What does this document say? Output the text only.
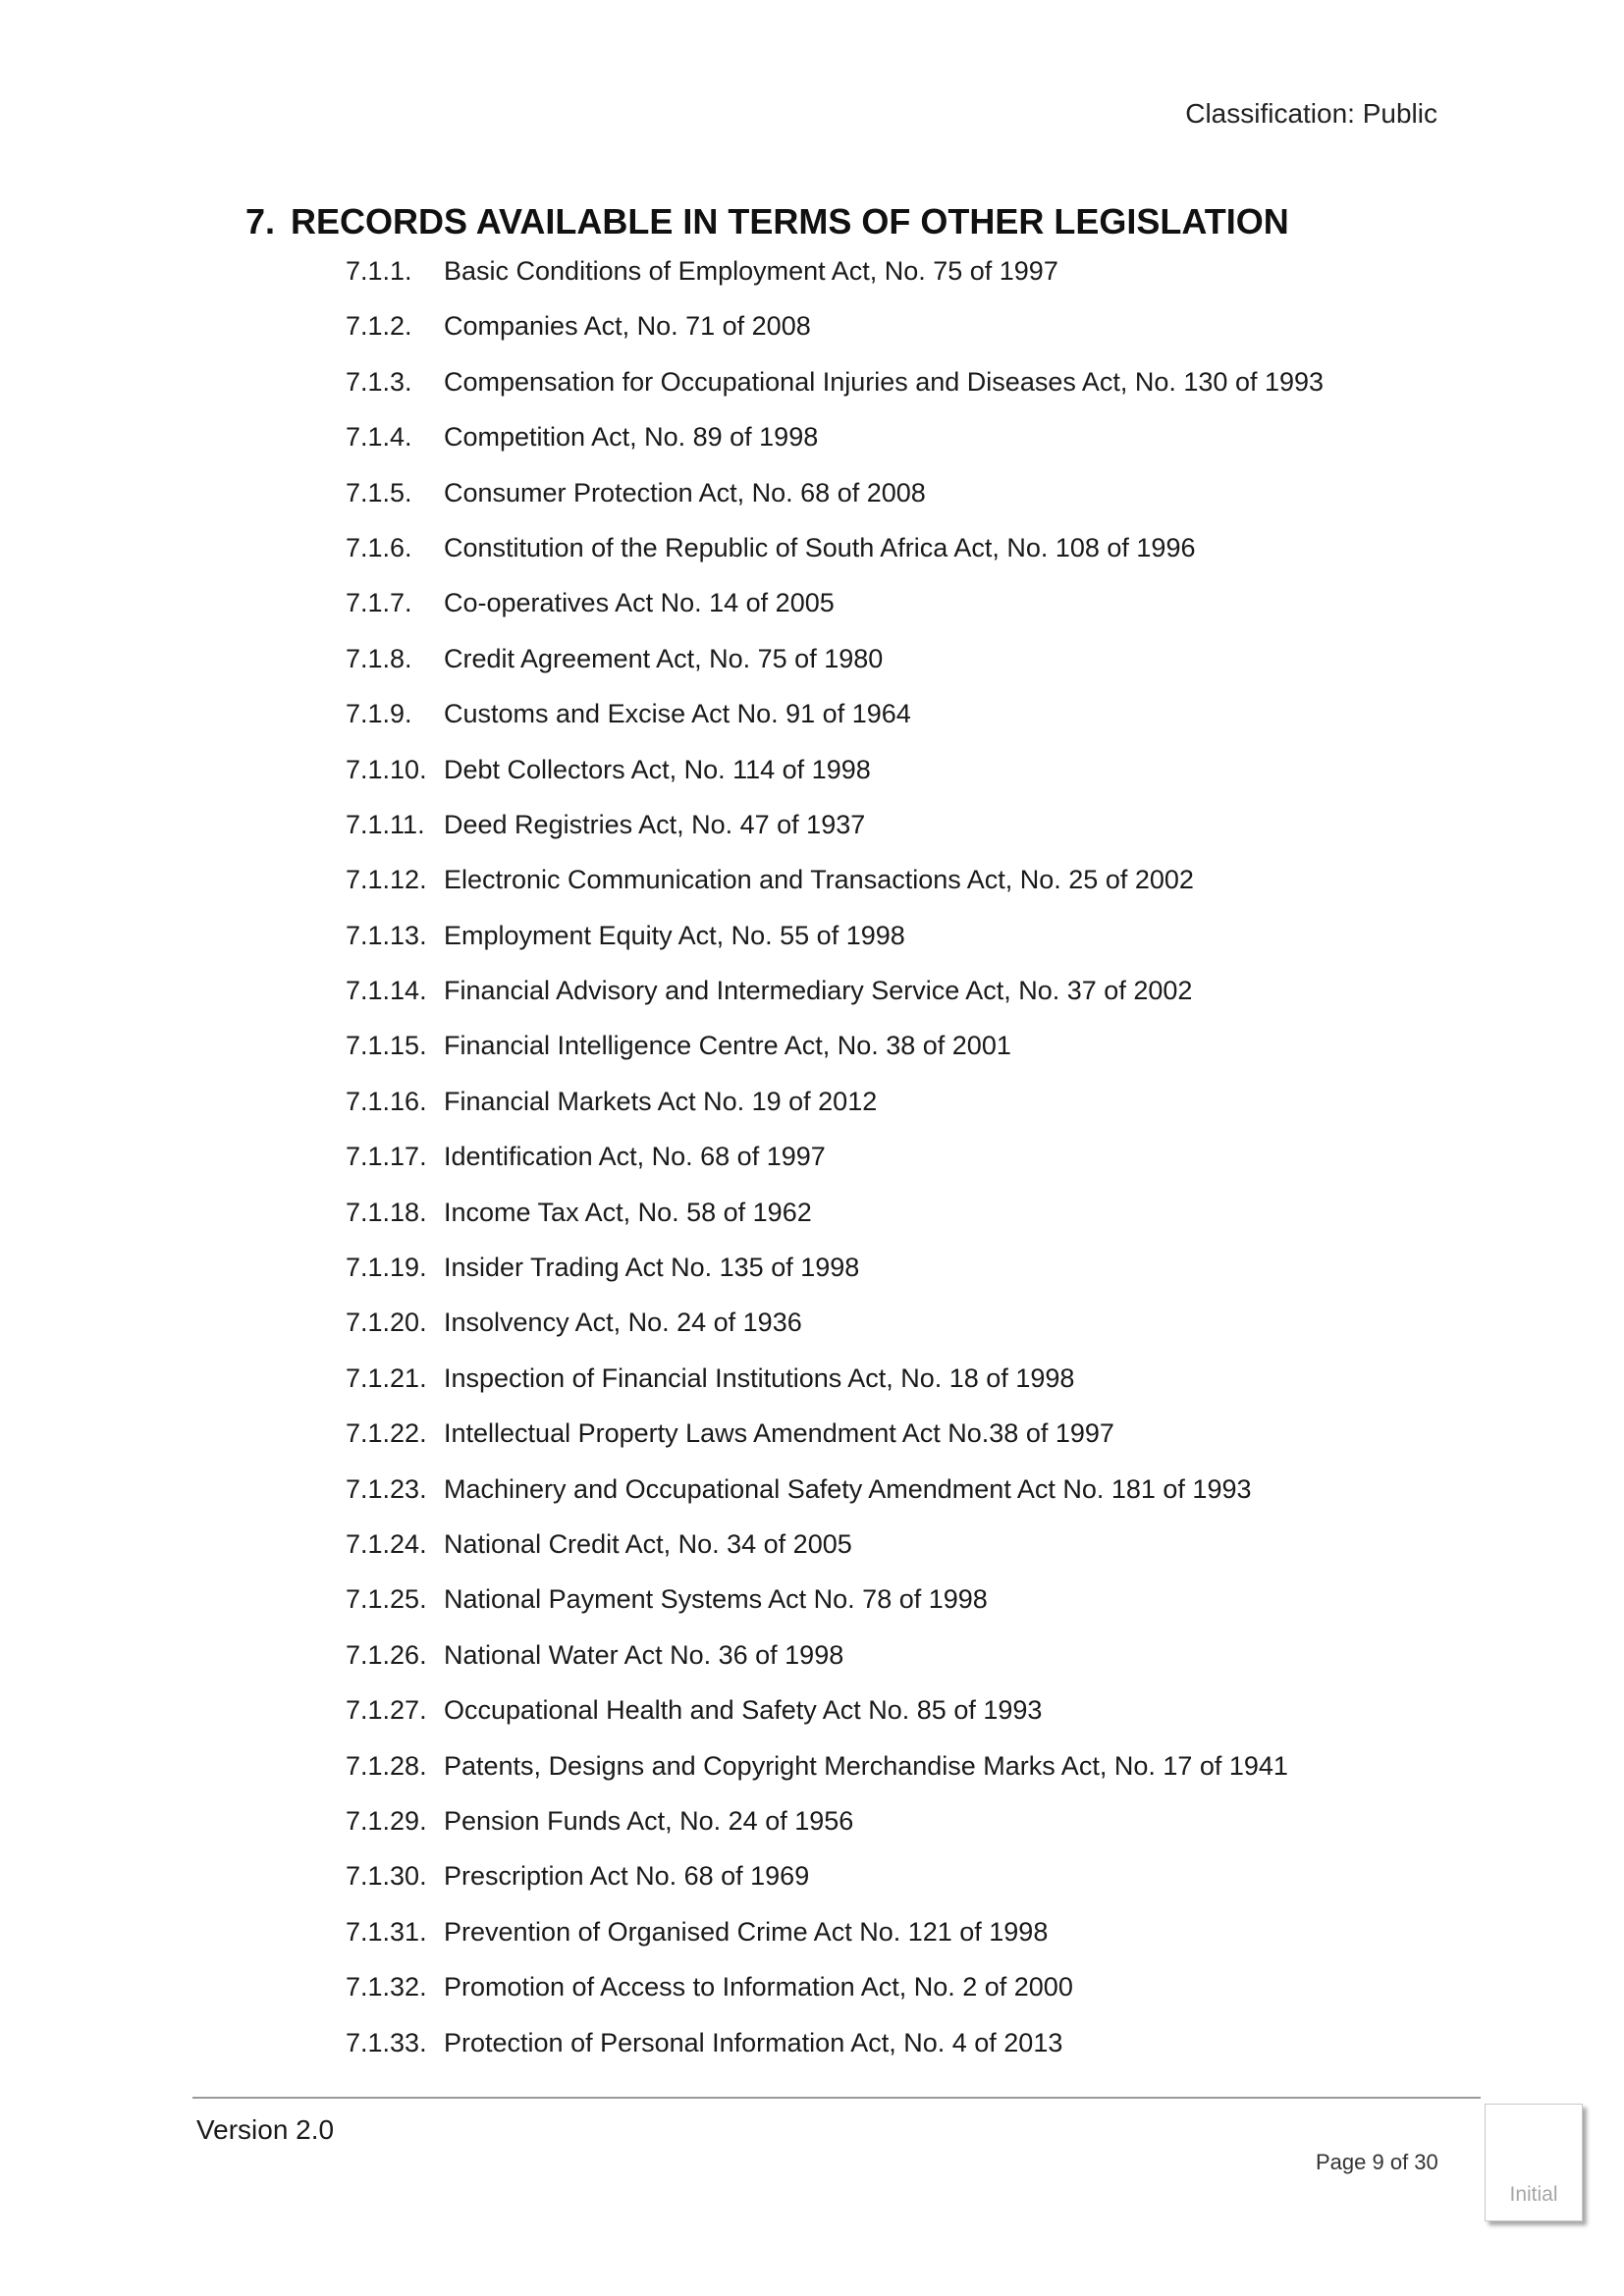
Classification: Public
7. RECORDS AVAILABLE IN TERMS OF OTHER LEGISLATION
7.1.1.	Basic Conditions of Employment Act, No. 75 of 1997
7.1.2.	Companies Act, No. 71 of 2008
7.1.3.	Compensation for Occupational Injuries and Diseases Act, No. 130 of 1993
7.1.4.	Competition Act, No. 89 of 1998
7.1.5.	Consumer Protection Act, No. 68 of 2008
7.1.6.	Constitution of the Republic of South Africa Act, No. 108 of 1996
7.1.7.	Co-operatives Act No. 14 of 2005
7.1.8.	Credit Agreement Act, No. 75 of 1980
7.1.9.	Customs and Excise Act No. 91 of 1964
7.1.10. Debt Collectors Act, No. 114 of 1998
7.1.11. Deed Registries Act, No. 47 of 1937
7.1.12. Electronic Communication and Transactions Act, No. 25 of 2002
7.1.13. Employment Equity Act, No. 55 of 1998
7.1.14. Financial Advisory and Intermediary Service Act, No. 37 of 2002
7.1.15. Financial Intelligence Centre Act, No. 38 of 2001
7.1.16. Financial Markets Act No. 19 of 2012
7.1.17. Identification Act, No. 68 of 1997
7.1.18. Income Tax Act, No. 58 of 1962
7.1.19. Insider Trading Act No. 135 of 1998
7.1.20. Insolvency Act, No. 24 of 1936
7.1.21. Inspection of Financial Institutions Act, No. 18 of 1998
7.1.22. Intellectual Property Laws Amendment Act No.38 of 1997
7.1.23. Machinery and Occupational Safety Amendment Act No. 181 of 1993
7.1.24. National Credit Act, No. 34 of 2005
7.1.25. National Payment Systems Act No. 78 of 1998
7.1.26. National Water Act No. 36 of 1998
7.1.27. Occupational Health and Safety Act No. 85 of 1993
7.1.28. Patents, Designs and Copyright Merchandise Marks Act, No. 17 of 1941
7.1.29. Pension Funds Act, No. 24 of 1956
7.1.30. Prescription Act No. 68 of 1969
7.1.31. Prevention of Organised Crime Act No. 121 of 1998
7.1.32. Promotion of Access to Information Act, No. 2 of 2000
7.1.33. Protection of Personal Information Act, No. 4 of 2013
Version 2.0
Page 9 of 30
Initial
